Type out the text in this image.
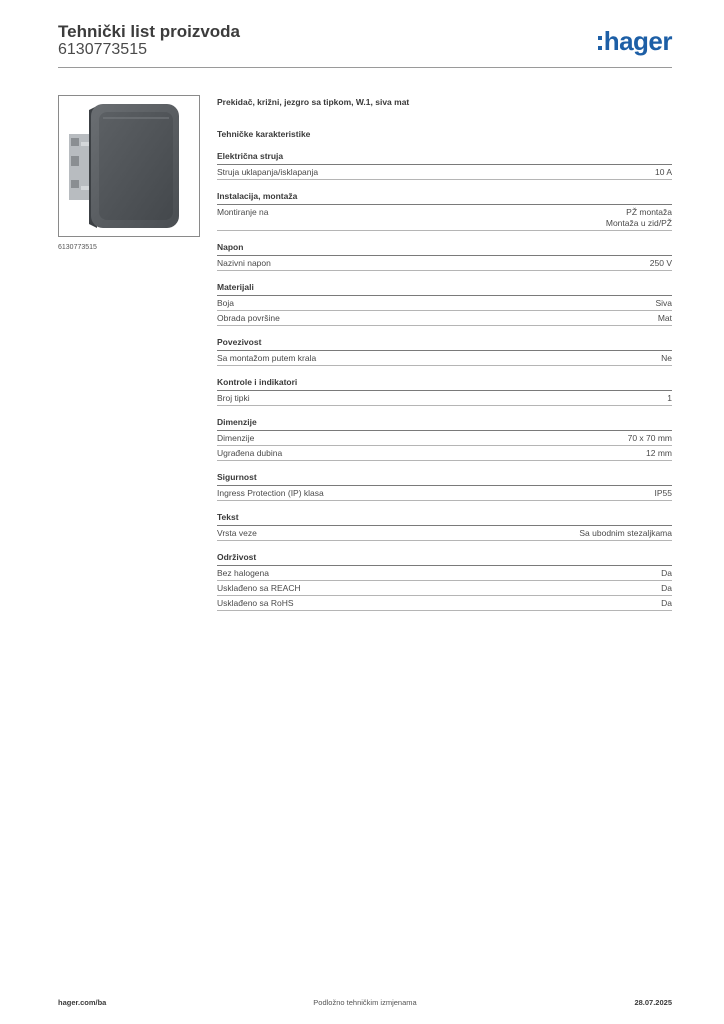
Tehnički list proizvoda
6130773515	hager
6130773515
Prekidač, križni, jezgro sa tipkom, W.1, siva mat
Tehničke karakteristike
Električna struja
Struja uklapanja/isklapanja	10 A
Instalacija, montaža
Montiranje na	PŽ montaža
Montaža u zid/PŽ
Napon
Nazivni napon	250 V
Materijali
Boja	Siva
Obrada površine	Mat
Povezivost
Sa montažom putem krala	Ne
Kontrole i indikatori
Broj tipki	1
Dimenzije
Dimenzije	70 x 70 mm
Ugrađena dubina	12 mm
Sigurnost
Ingress Protection (IP) klasa	IP55
Tekst
Vrsta veze	Sa ubodnim stezaljkama
Održivost
Bez halogena	Da
Usklađeno sa REACH	Da
Usklađeno sa RoHS	Da
hager.com/ba	Podložno tehničkim izmjenama	28.07.2025
